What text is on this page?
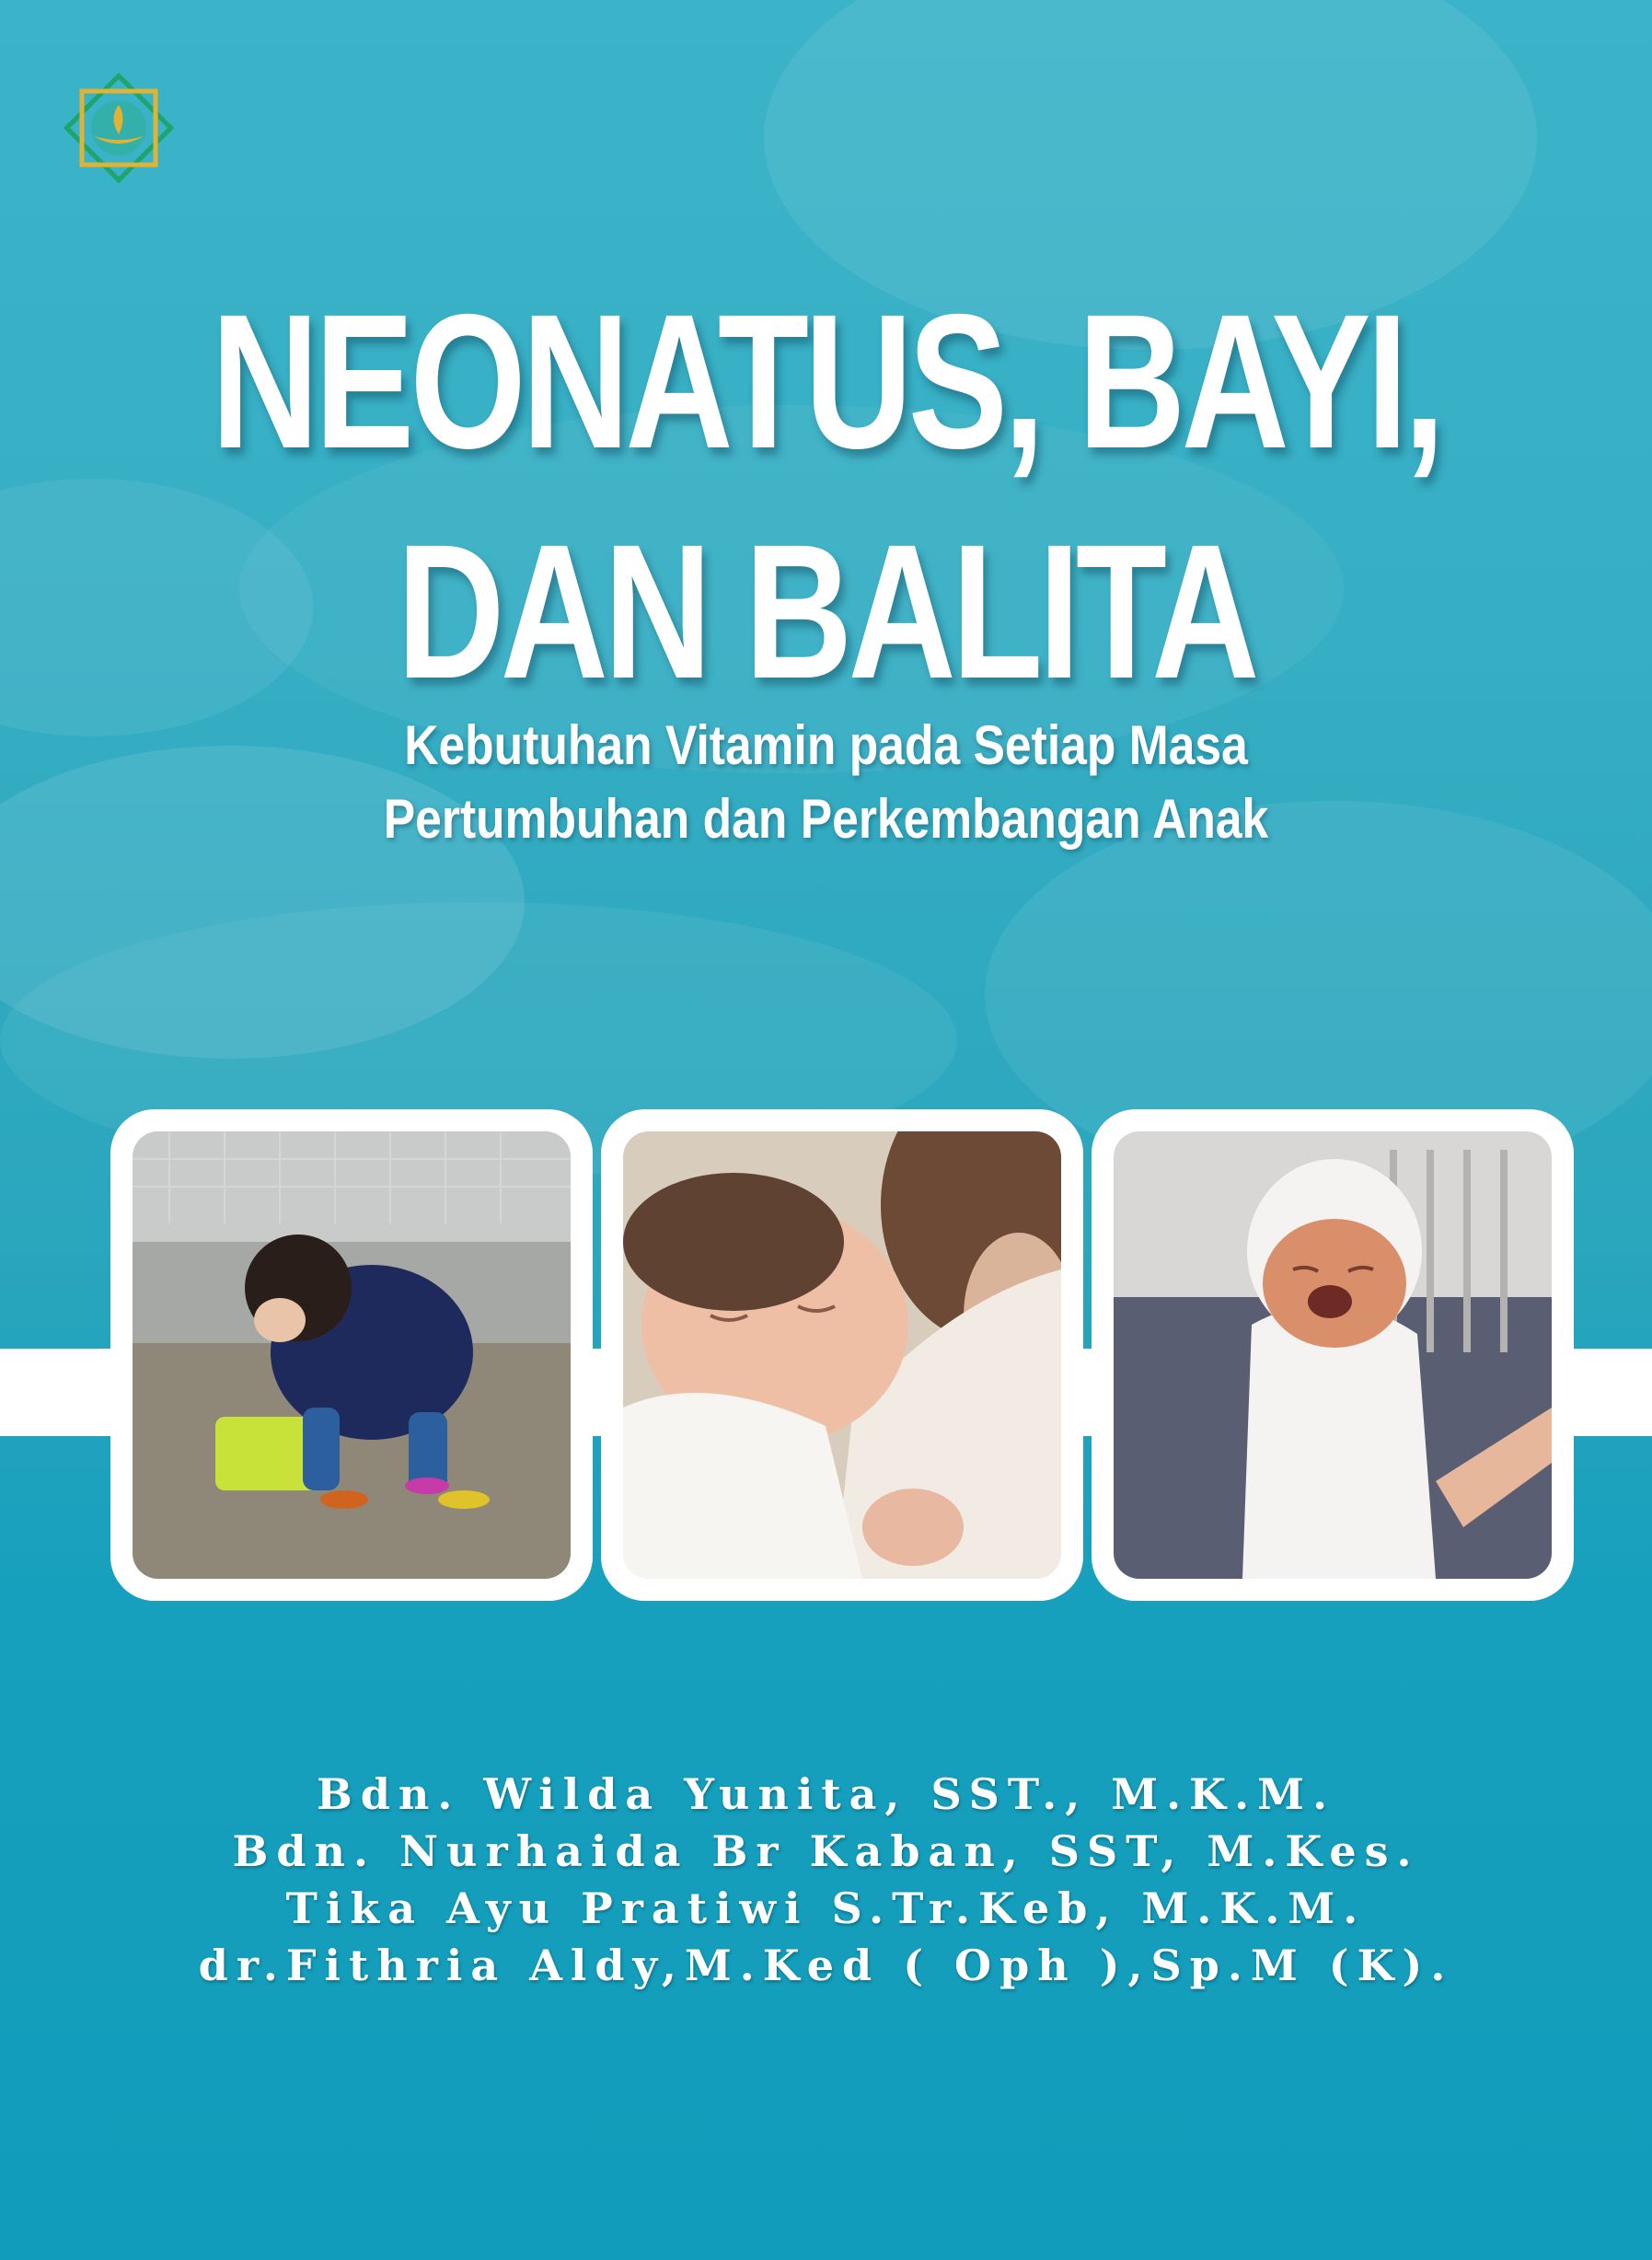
NEONATUS, BAYI,
DAN BALITA
Kebutuhan Vitamin pada Setiap Masa
Pertumbuhan dan Perkembangan Anak
Bdn. Wilda Yunita, SST., M.K.M.
Bdn. Nurhaida Br Kaban, SST, M.Kes.
Tika Ayu Pratiwi S.Tr.Keb, M.K.M.
dr.Fithria Aldy,M.Ked ( Oph ),Sp.M (K).
